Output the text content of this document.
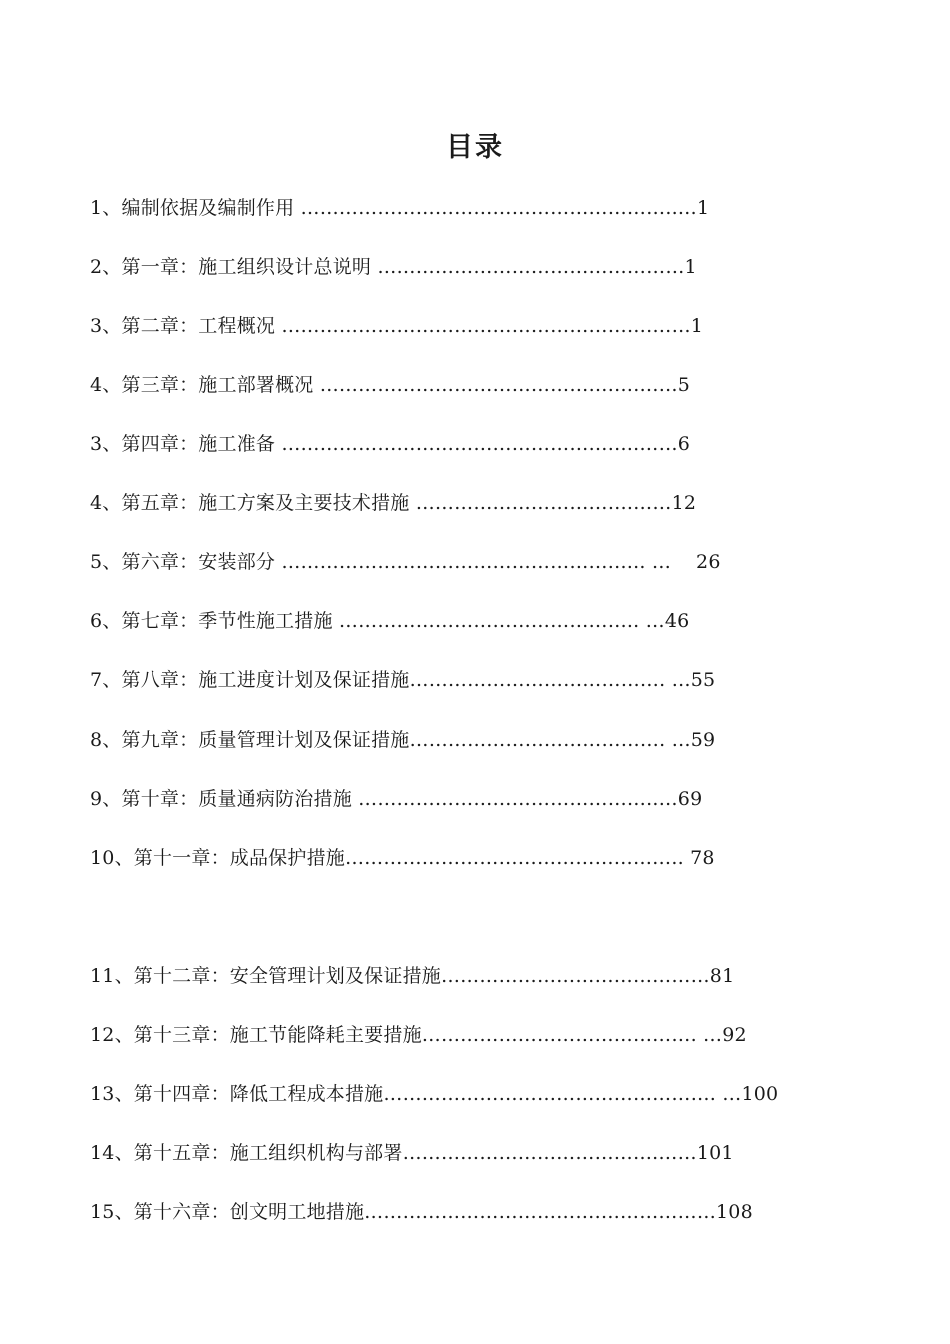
目录
1、编制依据及编制作用 …………………………………………………..…1
2、第一章：施工组织设计总说明 …………………………………………1
3、第二章：工程概况 ………………………………………………….……1
4、第三章：施工部署概况 ……………………………………….…….…5
3、第四章：施工准备 …………………………………………….….……6
4、第五章：施工方案及主要技术措施 …………………………….……12
5、第六章：安装部分 …………………………………………….….. …    26
6、第七章：季节性施工措施 ……………………………………….. …46
7、第八章：施工进度计划及保证措施…………………………………. …55
8、第九章：质量管理计划及保证措施…………………………………. …59
9、第十章：质量通病防治措施 ………………………………………..…69
10、第十一章：成品保护措施…………………………………………….. 78
11、第十二章：安全管理计划及保证措施……………………………………81
12、第十三章：施工节能降耗主要措施……………………………………. …92
13、第十四章：降低工程成本措施……………………………………………. …100
14、第十五章：施工组织机构与部署………………………………….……101
15、第十六章：创文明工地措施……………………………….………………108
